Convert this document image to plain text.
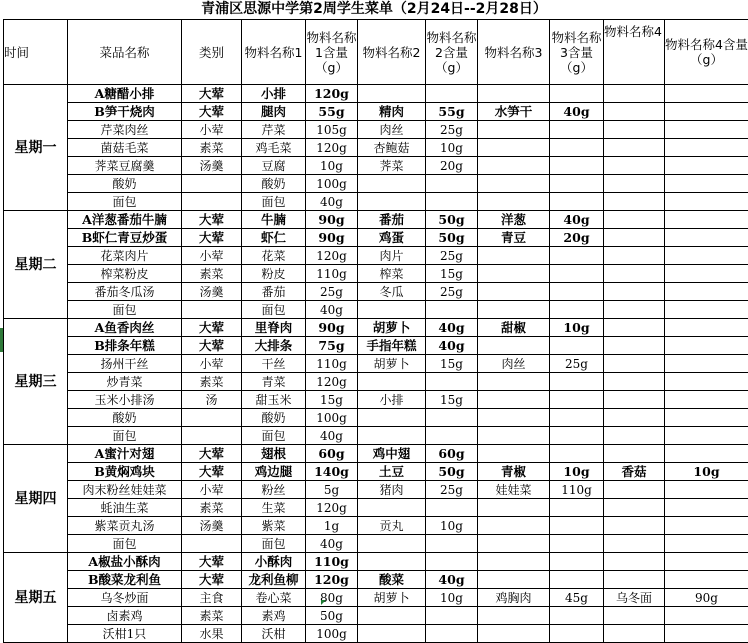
青浦区思源中学第2周学生菜单（2月24日--2月28日）
时间	菜品名称	类别	物料名称1	物料名称1含量（g）	物料名称2	物料名称2含量（g）	物料名称3	物料名称3含量（g）	物料名称4	物料名称4含量（g）
星期一	A糖醋小排	大荤	小排	120g						
	B笋干烧肉	大荤	腿肉	55g	精肉	55g	水笋干	40g		
	芹菜肉丝	小荤	芹菜	105g	肉丝	25g				
	菌菇毛菜	素菜	鸡毛菜	120g	杏鲍菇	10g				
	荠菜豆腐羹	汤羹	豆腐	10g	荠菜	20g				
	酸奶		酸奶	100g						
	面包		面包	40g						
星期二	A洋葱番茄牛腩	大荤	牛腩	90g	番茄	50g	洋葱	40g		
	B虾仁青豆炒蛋	大荤	虾仁	90g	鸡蛋	50g	青豆	20g		
	花菜肉片	小荤	花菜	120g	肉片	25g				
	榨菜粉皮	素菜	粉皮	110g	榨菜	15g				
	番茄冬瓜汤	汤羹	番茄	25g	冬瓜	25g				
	面包		面包	40g						
星期三	A鱼香肉丝	大荤	里脊肉	90g	胡萝卜	40g	甜椒	10g		
	B排条年糕	大荤	大排条	75g	手指年糕	40g				
	扬州干丝	小荤	干丝	110g	胡萝卜	15g	肉丝	25g		
	炒青菜	素菜	青菜	120g						
	玉米小排汤	汤	甜玉米	15g	小排	15g				
	酸奶		酸奶	100g						
	面包		面包	40g						
星期四	A蜜汁对翅	大荤	翅根	60g	鸡中翅	60g				
	B黄焖鸡块	大荤	鸡边腿	140g	土豆	50g	青椒	10g	香菇	10g
	肉末粉丝娃娃菜	小荤	粉丝	5g	猪肉	25g	娃娃菜	110g		
	蚝油生菜	素菜	生菜	120g						
	紫菜贡丸汤	汤羹	紫菜	1g	贡丸	10g				
	面包		面包	40g						
星期五	A椒盐小酥肉	大荤	小酥肉	110g						
	B酸菜龙利鱼	大荤	龙利鱼柳	120g	酸菜	40g				
	乌冬炒面	主食	卷心菜	80g	胡萝卜	10g	鸡胸肉	45g	乌冬面	90g
	卤素鸡	素菜	素鸡	50g						
	沃柑1只	水果	沃柑	100g						
